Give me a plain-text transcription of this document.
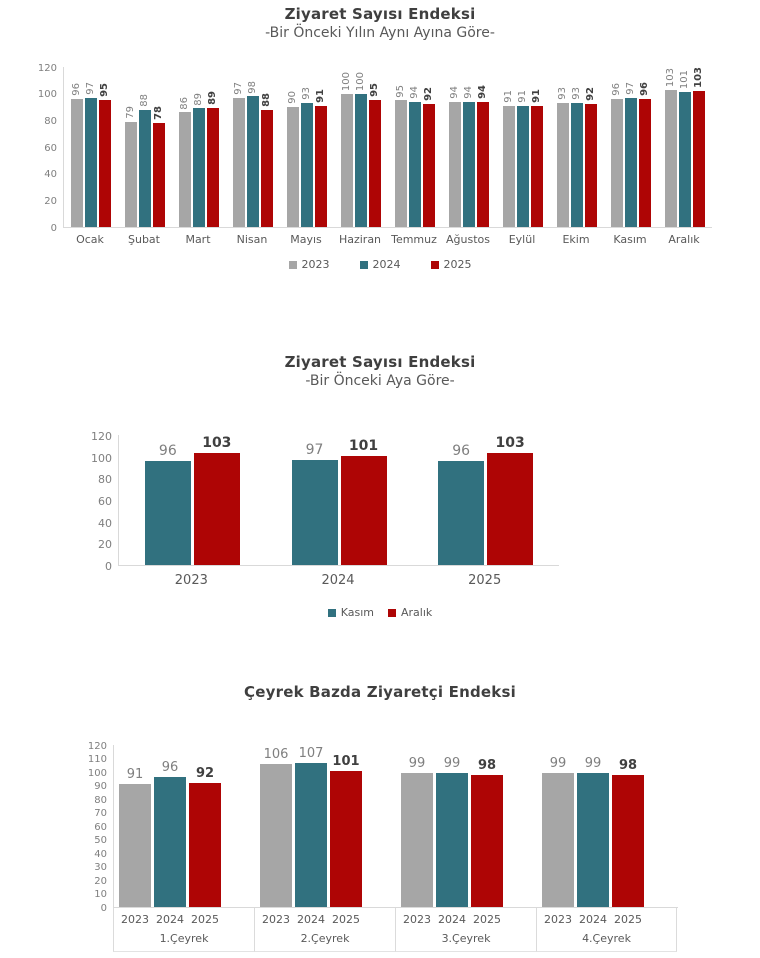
Ziyaret Sayısı Endeksi
-Bir Önceki Yılın Aynı Ayına Göre-
0
20
40
60
80
100
120
96 97 95
79
88
78
86 89 89
97 98
88 90 93 91
100 100 95 95 94 92 94 94 94 91 91 91 93 93 92 96 97 96
103 101 103
Ocak	Şubat	Mart	Nisan	Mayıs	Haziran Temmuz Ağustos	Eylül	Ekim	Kasım	Aralık
2023	2024	2025
Ziyaret Sayısı Endeksi
-Bir Önceki Aya Göre-
0
20
40
60
80
100
120
96 103	97 101	96 103
2023	2024	2025
Kasım Aralık
Çeyrek Bazda Ziyaretçi Endeksi
0
10
20
30
40
50
60
70
80
90
100
110
120
91 96 92
106 107
101	99 99 98	99 99 98
2023 2024 2025
1.Çeyrek
2023 2024 2025
2.Çeyrek
2023 2024 2025
3.Çeyrek
2023 2024 2025
4.Çeyrek
